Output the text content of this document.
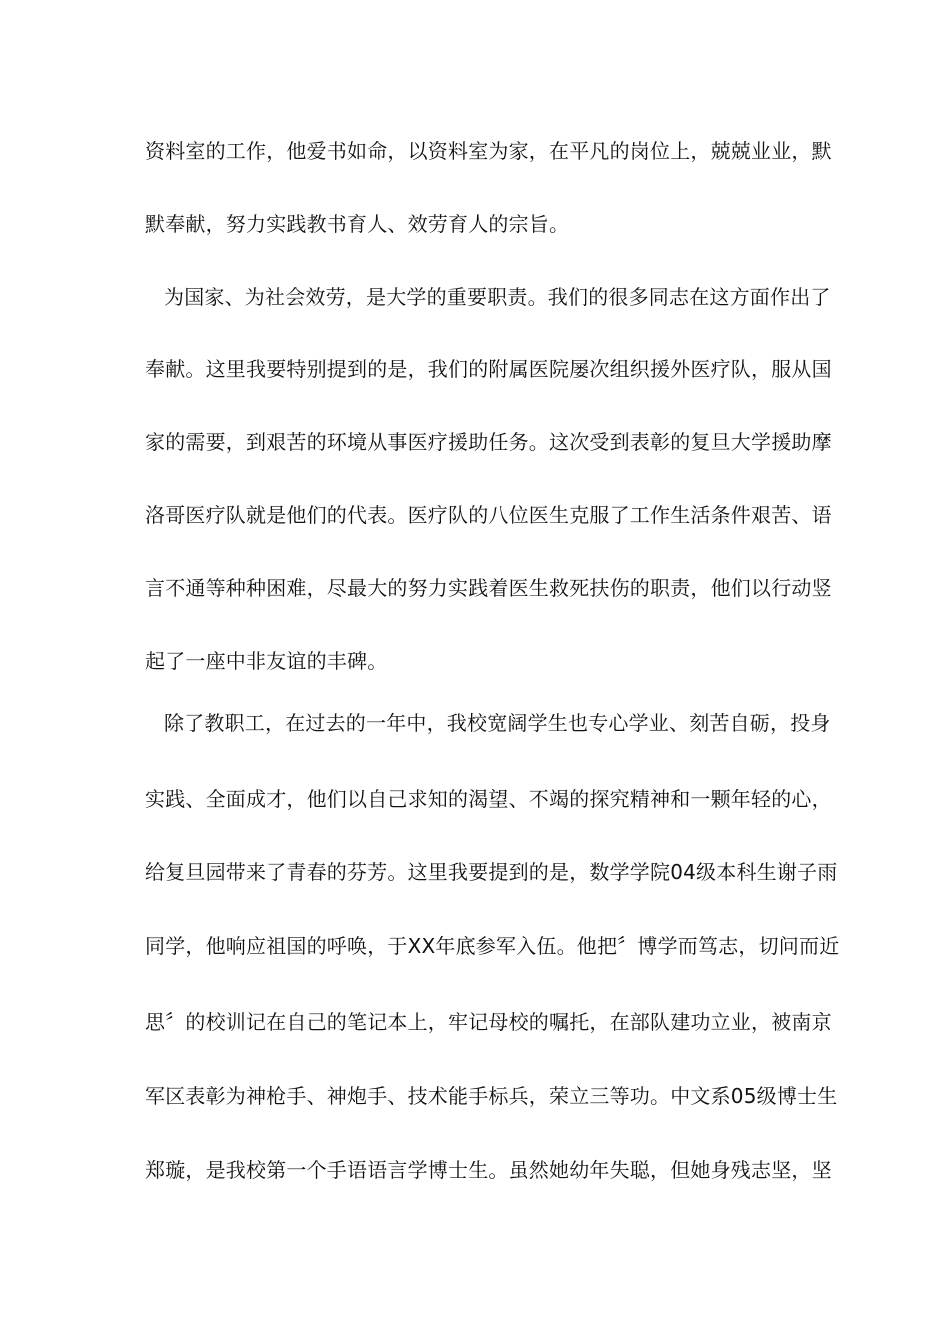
资料室的工作，他爱书如命，以资料室为家，在平凡的岗位上，兢兢业业，默

默奉献，努力实践教书育人、效劳育人的宗旨。

为国家、为社会效劳，是大学的重要职责。我们的很多同志在这方面作出了

奉献。这里我要特别提到的是，我们的附属医院屡次组织援外医疗队，服从国

家的需要，到艰苦的环境从事医疗援助任务。这次受到表彰的复旦大学援助摩

洛哥医疗队就是他们的代表。医疗队的八位医生克服了工作生活条件艰苦、语

言不通等种种困难，尽最大的努力实践着医生救死扶伤的职责，他们以行动竖

起了一座中非友谊的丰碑。

除了教职工，在过去的一年中，我校宽阔学生也专心学业、刻苦自砺，投身

实践、全面成才，他们以自己求知的渴望、不竭的探究精神和一颗年轻的心，

给复旦园带来了青春的芬芳。这里我要提到的是，数学学院04级本科生谢子雨

同学，他响应祖国的呼唤，于XX年底参军入伍。他把〞博学而笃志，切问而近

思〞的校训记在自己的笔记本上，牢记母校的嘱托，在部队建功立业，被南京

军区表彰为神枪手、神炮手、技术能手标兵，荣立三等功。中文系05级博士生

郑璇，是我校第一个手语语言学博士生。虽然她幼年失聪，但她身残志坚，坚
